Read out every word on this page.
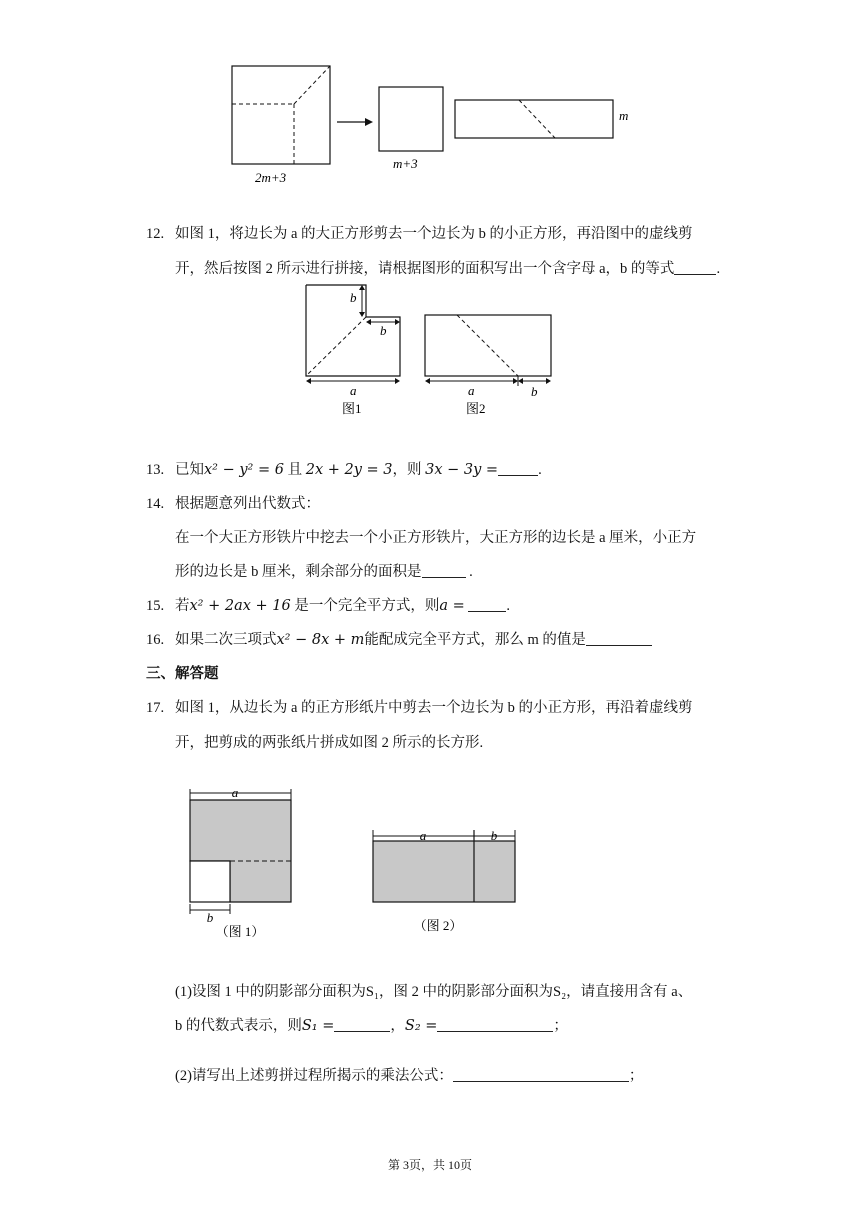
2m+3
m+3
m
12. 如图 1，将边长为 a 的大正方形剪去一个边长为 b 的小正方形，再沿图中的虚线剪
开，然后按图 2 所示进行拼接，请根据图形的面积写出一个含字母 a，b 的等式	.
b
b
a
图1
a	b
图2
13. 已知x² − y² = 6 且 2x + 2y = 3，则 3x − 3y =	.
14. 根据题意列出代数式：
在一个大正方形铁片中挖去一个小正方形铁片，大正方形的边长是 a 厘米，小正方
形的边长是 b 厘米，剩余部分的面积是	.
15. 若x² + 2ax + 16 是一个完全平方式，则a =	.
16. 如果二次三项式x² − 8x + m能配成完全平方式，那么 m 的值是
三、解答题
17. 如图 1，从边长为 a 的正方形纸片中剪去一个边长为 b 的小正方形，再沿着虚线剪
开，把剪成的两张纸片拼成如图 2 所示的长方形.
a
b
（图 1）
a	b
（图 2）
(1)设图 1 中的阴影部分面积为S₁，图 2 中的阴影部分面积为S₂，请直接用含有 a、
b 的代数式表示，则S₁ =	，S₂ =	；
(2)请写出上述剪拼过程所揭示的乘法公式：	；
第 3页，共 10页
